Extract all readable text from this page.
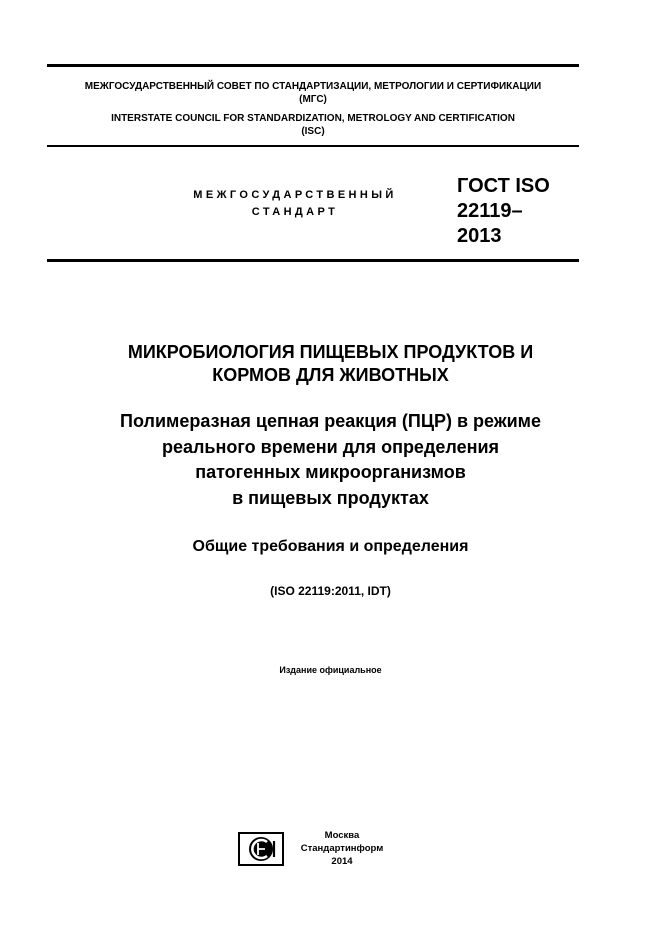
МЕЖГОСУДАРСТВЕННЫЙ СОВЕТ ПО СТАНДАРТИЗАЦИИ, МЕТРОЛОГИИ И СЕРТИФИКАЦИИ
(МГС)
INTERSTATE COUNCIL FOR STANDARDIZATION, METROLOGY AND CERTIFICATION
(ISC)
МЕЖГОСУДАРСТВЕННЫЙ
СТАНДАРТ
ГОСТ ISO
22119–
2013
МИКРОБИОЛОГИЯ ПИЩЕВЫХ ПРОДУКТОВ И
КОРМОВ ДЛЯ ЖИВОТНЫХ
Полимеразная цепная реакция (ПЦР) в режиме
реального времени для определения
патогенных микроорганизмов
в пищевых продуктах
Общие требования и определения
(ISO 22119:2011, IDT)
Издание официальное
Москва
Стандартинформ
2014
